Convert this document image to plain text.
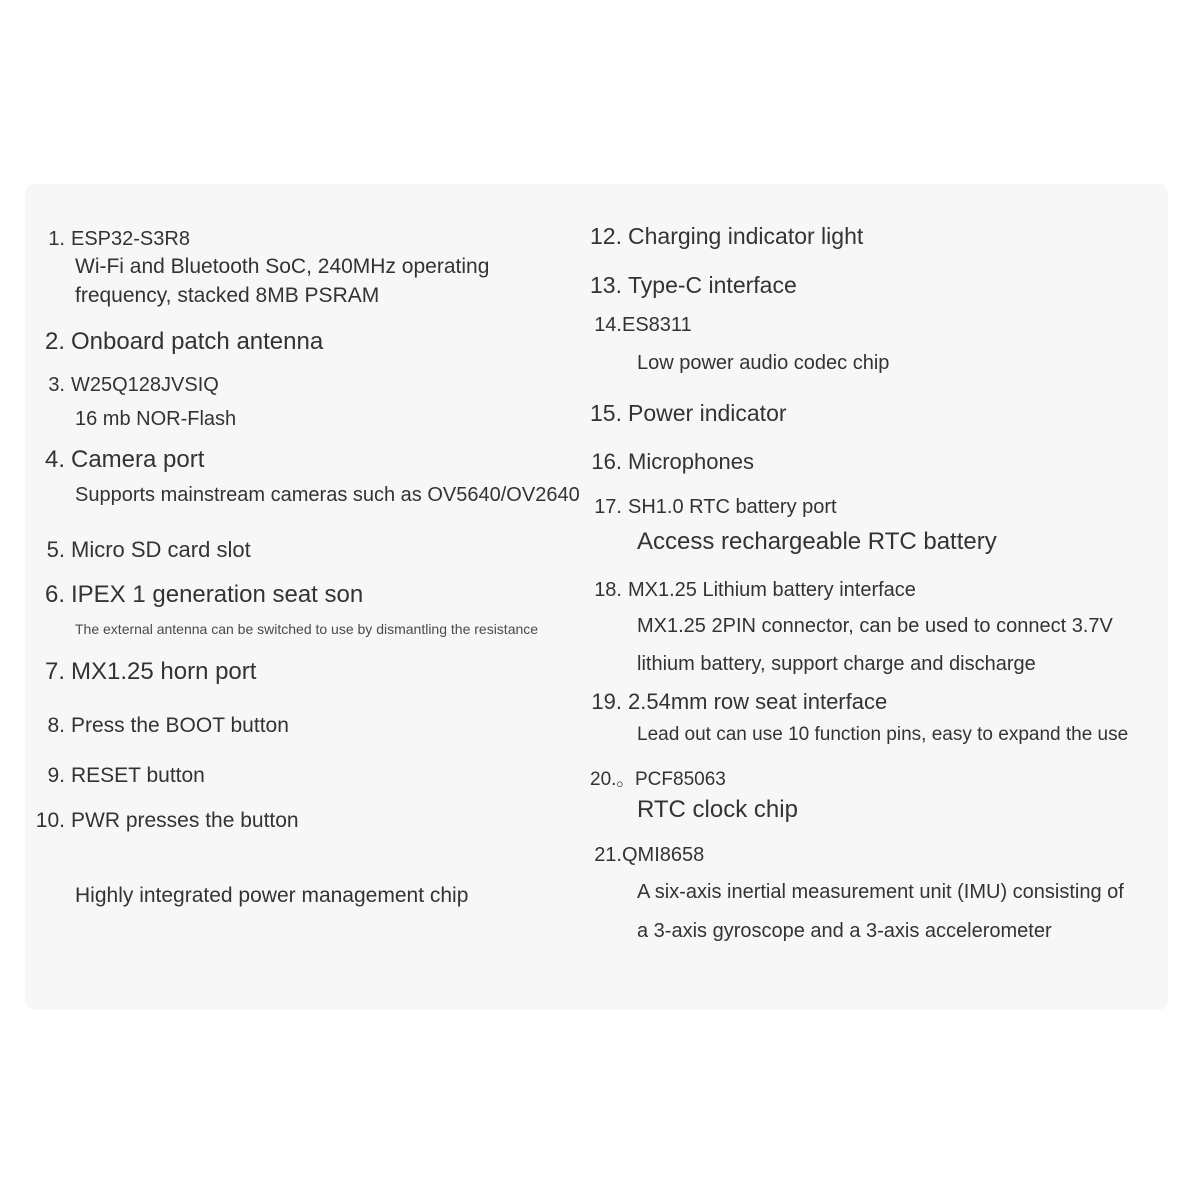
1. ESP32-S3R8
Wi-Fi and Bluetooth SoC, 240MHz operating
frequency, stacked 8MB PSRAM
2. Onboard patch antenna
3. W25Q128JVSIQ
16 mb NOR-Flash
4. Camera port
Supports mainstream cameras such as OV5640/OV2640
5. Micro SD card slot
6. IPEX 1 generation seat son
The external antenna can be switched to use by dismantling the resistance
7. MX1.25 horn port
8. Press the BOOT button
9. RESET button
10. PWR presses the button
Highly integrated power management chip
12. Charging indicator light
13. Type-C interface
14. ES8311
Low power audio codec chip
15. Power indicator
16. Microphones
17. SH1.0 RTC battery port
Access rechargeable RTC battery
18. MX1.25 Lithium battery interface
MX1.25 2PIN connector, can be used to connect 3.7V
lithium battery, support charge and discharge
19. 2.54mm row seat interface
Lead out can use 10 function pins, easy to expand the use
20.。 PCF85063
RTC clock chip
21. QMI8658
A six-axis inertial measurement unit (IMU) consisting of
a 3-axis gyroscope and a 3-axis accelerometer
